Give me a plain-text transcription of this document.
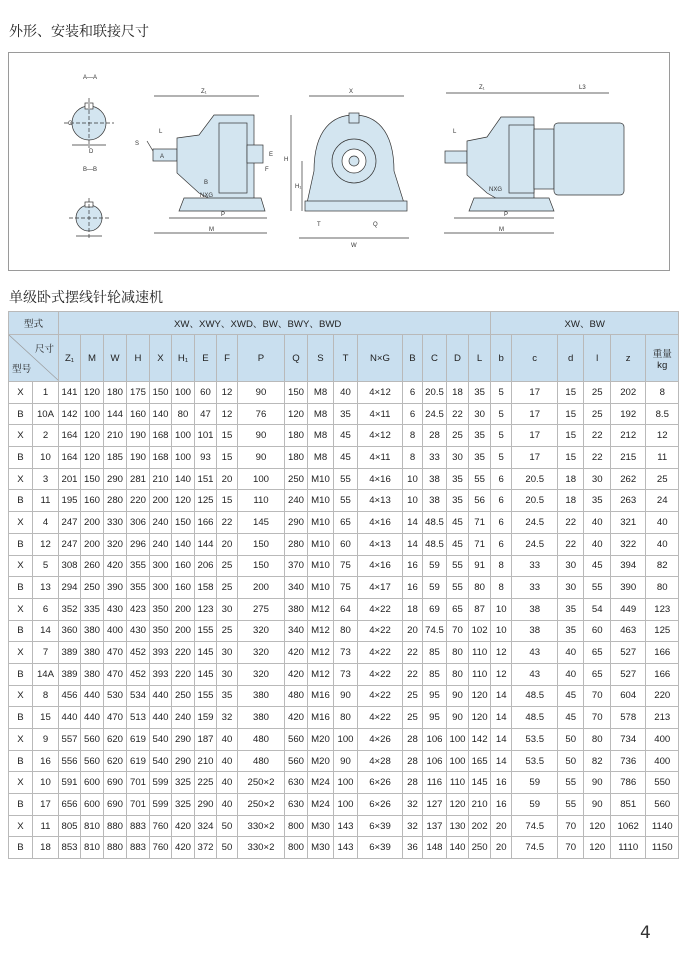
外形、安装和联接尺寸
A—A
B—B
Z₁
L
S
A
B
NXG
P
M
X
H
H₁
T
W
Q
E
F
C
D
Z₁	L3
L
NXG
P
M
单级卧式摆线针轮减速机
型式		XW、XWY、XWD、BW、BWY、BWD																	XW、BW					

尺寸
型号		Z₁	M	W	H	X	H₁	E	F	P	Q	S	T	N×G	B	C	D	L	b	c	d	l	z	重量
kg
X	1	141	120	180	175	150	100	60	12	90	150	M8	40	4×12	6	20.5	18	35	5	17	15	25	202	8
B	10A	142	100	144	160	140	80	47	12	76	120	M8	35	4×11	6	24.5	22	30	5	17	15	25	192	8.5
X	2	164	120	210	190	168	100	101	15	90	180	M8	45	4×12	8	28	25	35	5	17	15	22	212	12
B	10	164	120	185	190	168	100	93	15	90	180	M8	45	4×11	8	33	30	35	5	17	15	22	215	11
X	3	201	150	290	281	210	140	151	20	100	250	M10	55	4×16	10	38	35	55	6	20.5	18	30	262	25
B	11	195	160	280	220	200	120	125	15	110	240	M10	55	4×13	10	38	35	56	6	20.5	18	35	263	24
X	4	247	200	330	306	240	150	166	22	145	290	M10	65	4×16	14	48.5	45	71	6	24.5	22	40	321	40
B	12	247	200	320	296	240	140	144	20	150	280	M10	60	4×13	14	48.5	45	71	6	24.5	22	40	322	40
X	5	308	260	420	355	300	160	206	25	150	370	M10	75	4×16	16	59	55	91	8	33	30	45	394	82
B	13	294	250	390	355	300	160	158	25	200	340	M10	75	4×17	16	59	55	80	8	33	30	55	390	80
X	6	352	335	430	423	350	200	123	30	275	380	M12	64	4×22	18	69	65	87	10	38	35	54	449	123
B	14	360	380	400	430	350	200	155	25	320	340	M12	80	4×22	20	74.5	70	102	10	38	35	60	463	125
X	7	389	380	470	452	393	220	145	30	320	420	M12	73	4×22	22	85	80	110	12	43	40	65	527	166
B	14A	389	380	470	452	393	220	145	30	320	420	M12	73	4×22	22	85	80	110	12	43	40	65	527	166
X	8	456	440	530	534	440	250	155	35	380	480	M16	90	4×22	25	95	90	120	14	48.5	45	70	604	220
B	15	440	440	470	513	440	240	159	32	380	420	M16	80	4×22	25	95	90	120	14	48.5	45	70	578	213
X	9	557	560	620	619	540	290	187	40	480	560	M20	100	4×26	28	106	100	142	14	53.5	50	80	734	400
B	16	556	560	620	619	540	290	210	40	480	560	M20	90	4×28	28	106	100	165	14	53.5	50	82	736	400
X	10	591	600	690	701	599	325	225	40	250×2	630	M24	100	6×26	28	116	110	145	16	59	55	90	786	550
B	17	656	600	690	701	599	325	290	40	250×2	630	M24	100	6×26	32	127	120	210	16	59	55	90	851	560
X	11	805	810	880	883	760	420	324	50	330×2	800	M30	143	6×39	32	137	130	202	20	74.5	70	120	1062	1140
B	18	853	810	880	883	760	420	372	50	330×2	800	M30	143	6×39	36	148	140	250	20	74.5	70	120	1110	1150
4
